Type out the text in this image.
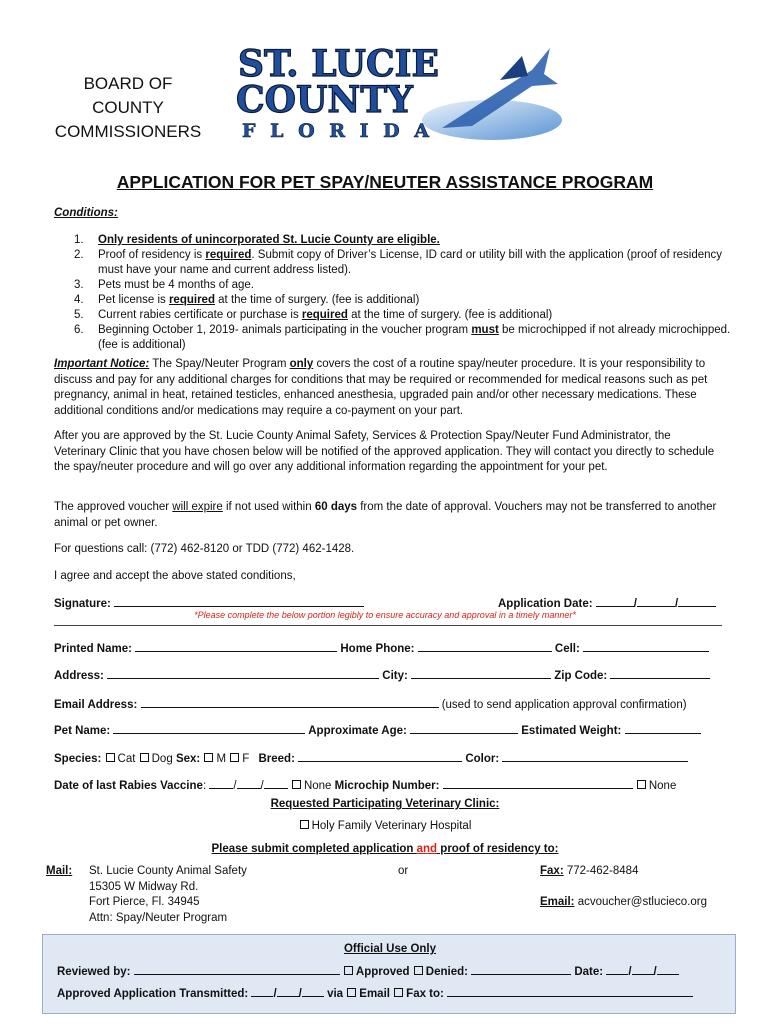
BOARD OF
COUNTY
COMMISSIONERS
ST. LUCIE
COUNTY
F L O R I D A
APPLICATION FOR PET SPAY/NEUTER ASSISTANCE PROGRAM
Conditions:
1. Only residents of unincorporated St. Lucie County are eligible.
2. Proof of residency is required. Submit copy of Driver’s License, ID card or utility bill with the application (proof of residency must have your name and current address listed).
3. Pets must be 4 months of age.
4. Pet license is required at the time of surgery. (fee is additional)
5. Current rabies certificate or purchase is required at the time of surgery. (fee is additional)
6. Beginning October 1, 2019- animals participating in the voucher program must be microchipped if not already microchipped. (fee is additional)
Important Notice: The Spay/Neuter Program only covers the cost of a routine spay/neuter procedure. It is your responsibility to discuss and pay for any additional charges for conditions that may be required or recommended for medical reasons such as pet pregnancy, animal in heat, retained testicles, enhanced anesthesia, upgraded pain and/or other necessary medications. These additional conditions and/or medications may require a co-payment on your part.
After you are approved by the St. Lucie County Animal Safety, Services & Protection Spay/Neuter Fund Administrator, the Veterinary Clinic that you have chosen below will be notified of the approved application. They will contact you directly to schedule the spay/neuter procedure and will go over any additional information regarding the appointment for your pet.
The approved voucher will expire if not used within 60 days from the date of approval. Vouchers may not be transferred to another animal or pet owner.
For questions call: (772) 462-8120 or TDD (772) 462-1428.
I agree and accept the above stated conditions,
Signature:	Application Date:	/	/
*Please complete the below portion legibly to ensure accuracy and approval in a timely manner*
Printed Name:	Home Phone:	Cell:
Address:	City:	Zip Code:
Email Address:	(used to send application approval confirmation)
Pet Name:	Approximate Age:	Estimated Weight:
Species: Cat Dog Sex: M F Breed:	Color:
Date of last Rabies Vaccine: / /	None Microchip Number:	None
Requested Participating Veterinary Clinic:
Holy Family Veterinary Hospital
Please submit completed application and proof of residency to:
Mail: St. Lucie County Animal Safety
15305 W Midway Rd.
Fort Pierce, Fl. 34945
Attn: Spay/Neuter Program
or	Fax: 772-462-8484
Email: acvoucher@stlucieco.org
Official Use Only
Reviewed by:	Approved Denied:	Date: / /
Approved Application Transmitted: / / via Email Fax to:
